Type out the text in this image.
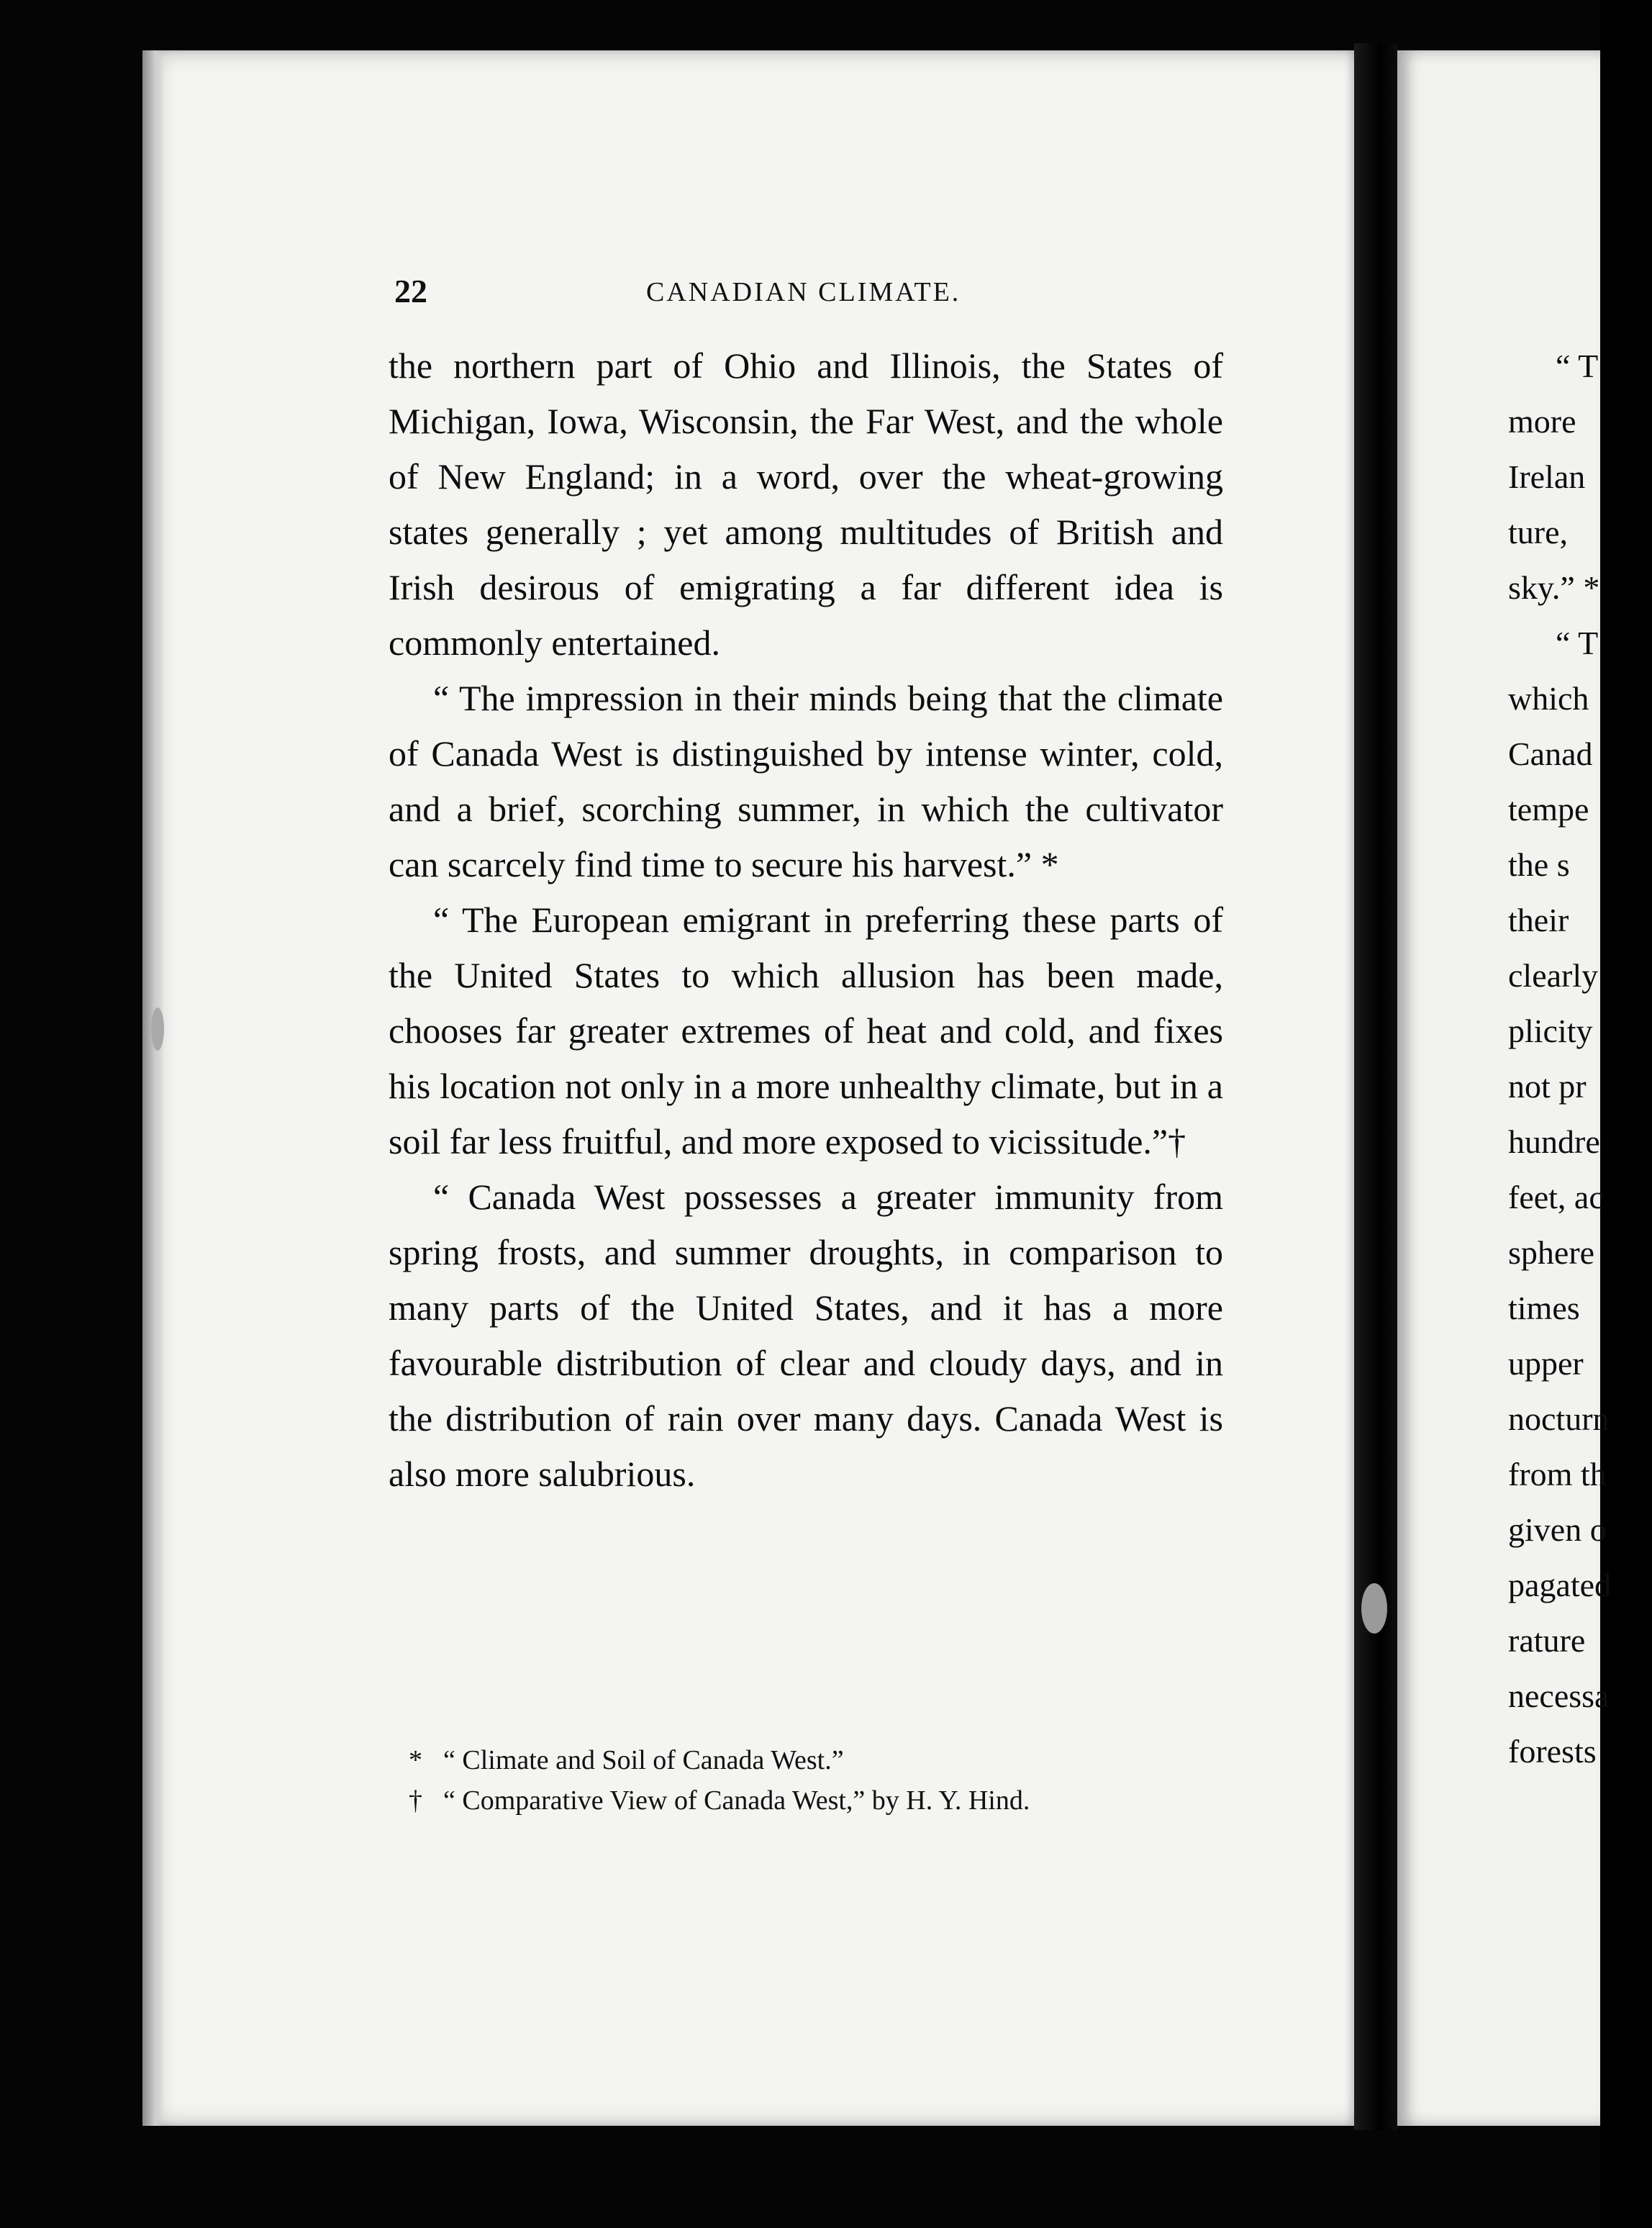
22	CANADIAN CLIMATE.

the northern part of Ohio and Illinois, the States of Michigan, Iowa, Wisconsin, the Far West, and the whole of New England; in a word, over the wheat-growing states generally ; yet among multitudes of British and Irish desirous of emigrating a far different idea is commonly entertained.

“ The impression in their minds being that the climate of Canada West is distinguished by intense winter, cold, and a brief, scorching summer, in which the cultivator can scarcely find time to secure his harvest.” *

“ The European emigrant in preferring these parts of the United States to which allusion has been made, chooses far greater extremes of heat and cold, and fixes his location not only in a more unhealthy climate, but in a soil far less fruitful, and more exposed to vicissitude.”†

“ Canada West possesses a greater immunity from spring frosts, and summer droughts, in comparison to many parts of the United States, and it has a more favourable distribution of clear and cloudy days, and in the distribution of rain over many days. Canada West is also more salubrious.

* “ Climate and Soil of Canada West.”
† “ Comparative View of Canada West,” by H. Y. Hind.
“ T
more
Irelan
ture,
sky.” *
“ T
which
Canad
tempe
the s
their
clearly
plicity
not pr
hundre
feet, ac
sphere
times
upper
nocturn
from th
given o
pagated
rature
necessa
forests
